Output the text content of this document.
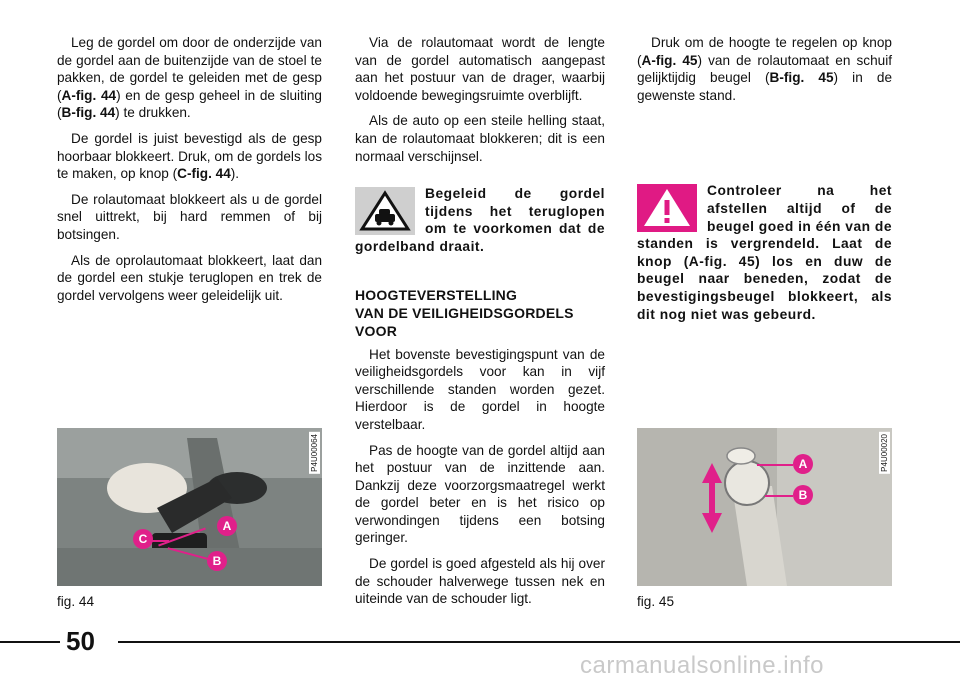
Leg de gordel om door de onderzijde van de gordel aan de buitenzijde van de stoel te pakken, de gordel te geleiden met de gesp (A-fig. 44) en de gesp geheel in de sluiting (B-fig. 44) te drukken.

De gordel is juist bevestigd als de gesp hoorbaar blokkeert. Druk, om de gordels los te maken, op knop (C-fig. 44).

De rolautomaat blokkeert als u de gordel snel uittrekt, bij hard remmen of bij botsingen.

Als de oprolautomaat blokkeert, laat dan de gordel een stukje teruglopen en trek de gordel vervolgens weer geleidelijk uit.

Via de rolautomaat wordt de lengte van de gordel automatisch aangepast aan het postuur van de drager, waarbij voldoende bewegingsruimte overblijft.

Als de auto op een steile helling staat, kan de rolautomaat blokkeren; dit is een normaal verschijnsel.

Begeleid de gordel tijdens het teruglopen om te voorkomen dat de gordelband draait.
HOOGTEVERSTELLING
VAN DE VEILIGHEIDSGORDELS
VOOR

Het bovenste bevestigingspunt van de veiligheidsgordels voor kan in vijf verschillende standen worden gezet. Hierdoor is de gordel in hoogte verstelbaar.

Pas de hoogte van de gordel altijd aan het postuur van de inzittende aan. Dankzij deze voorzorgsmaatregel werkt de gordel beter en is het risico op verwondingen tijdens een botsing geringer.

De gordel is goed afgesteld als hij over de schouder halverwege tussen nek en uiteinde van de schouder ligt.

Druk om de hoogte te regelen op knop (A-fig. 45) van de rolautomaat en schuif gelijktijdig beugel (B-fig. 45) in de gewenste stand.

Controleer na het afstellen altijd of de beugel goed in één van de standen is vergrendeld. Laat de knop (A-fig. 45) los en duw de beugel naar beneden, zodat de bevestigingsbeugel blokkeert, als dit nog niet was gebeurd.
P4U00064
A
B
C
fig. 44
P4U00020
A
B
fig. 45
50
carmanualsonline.info
